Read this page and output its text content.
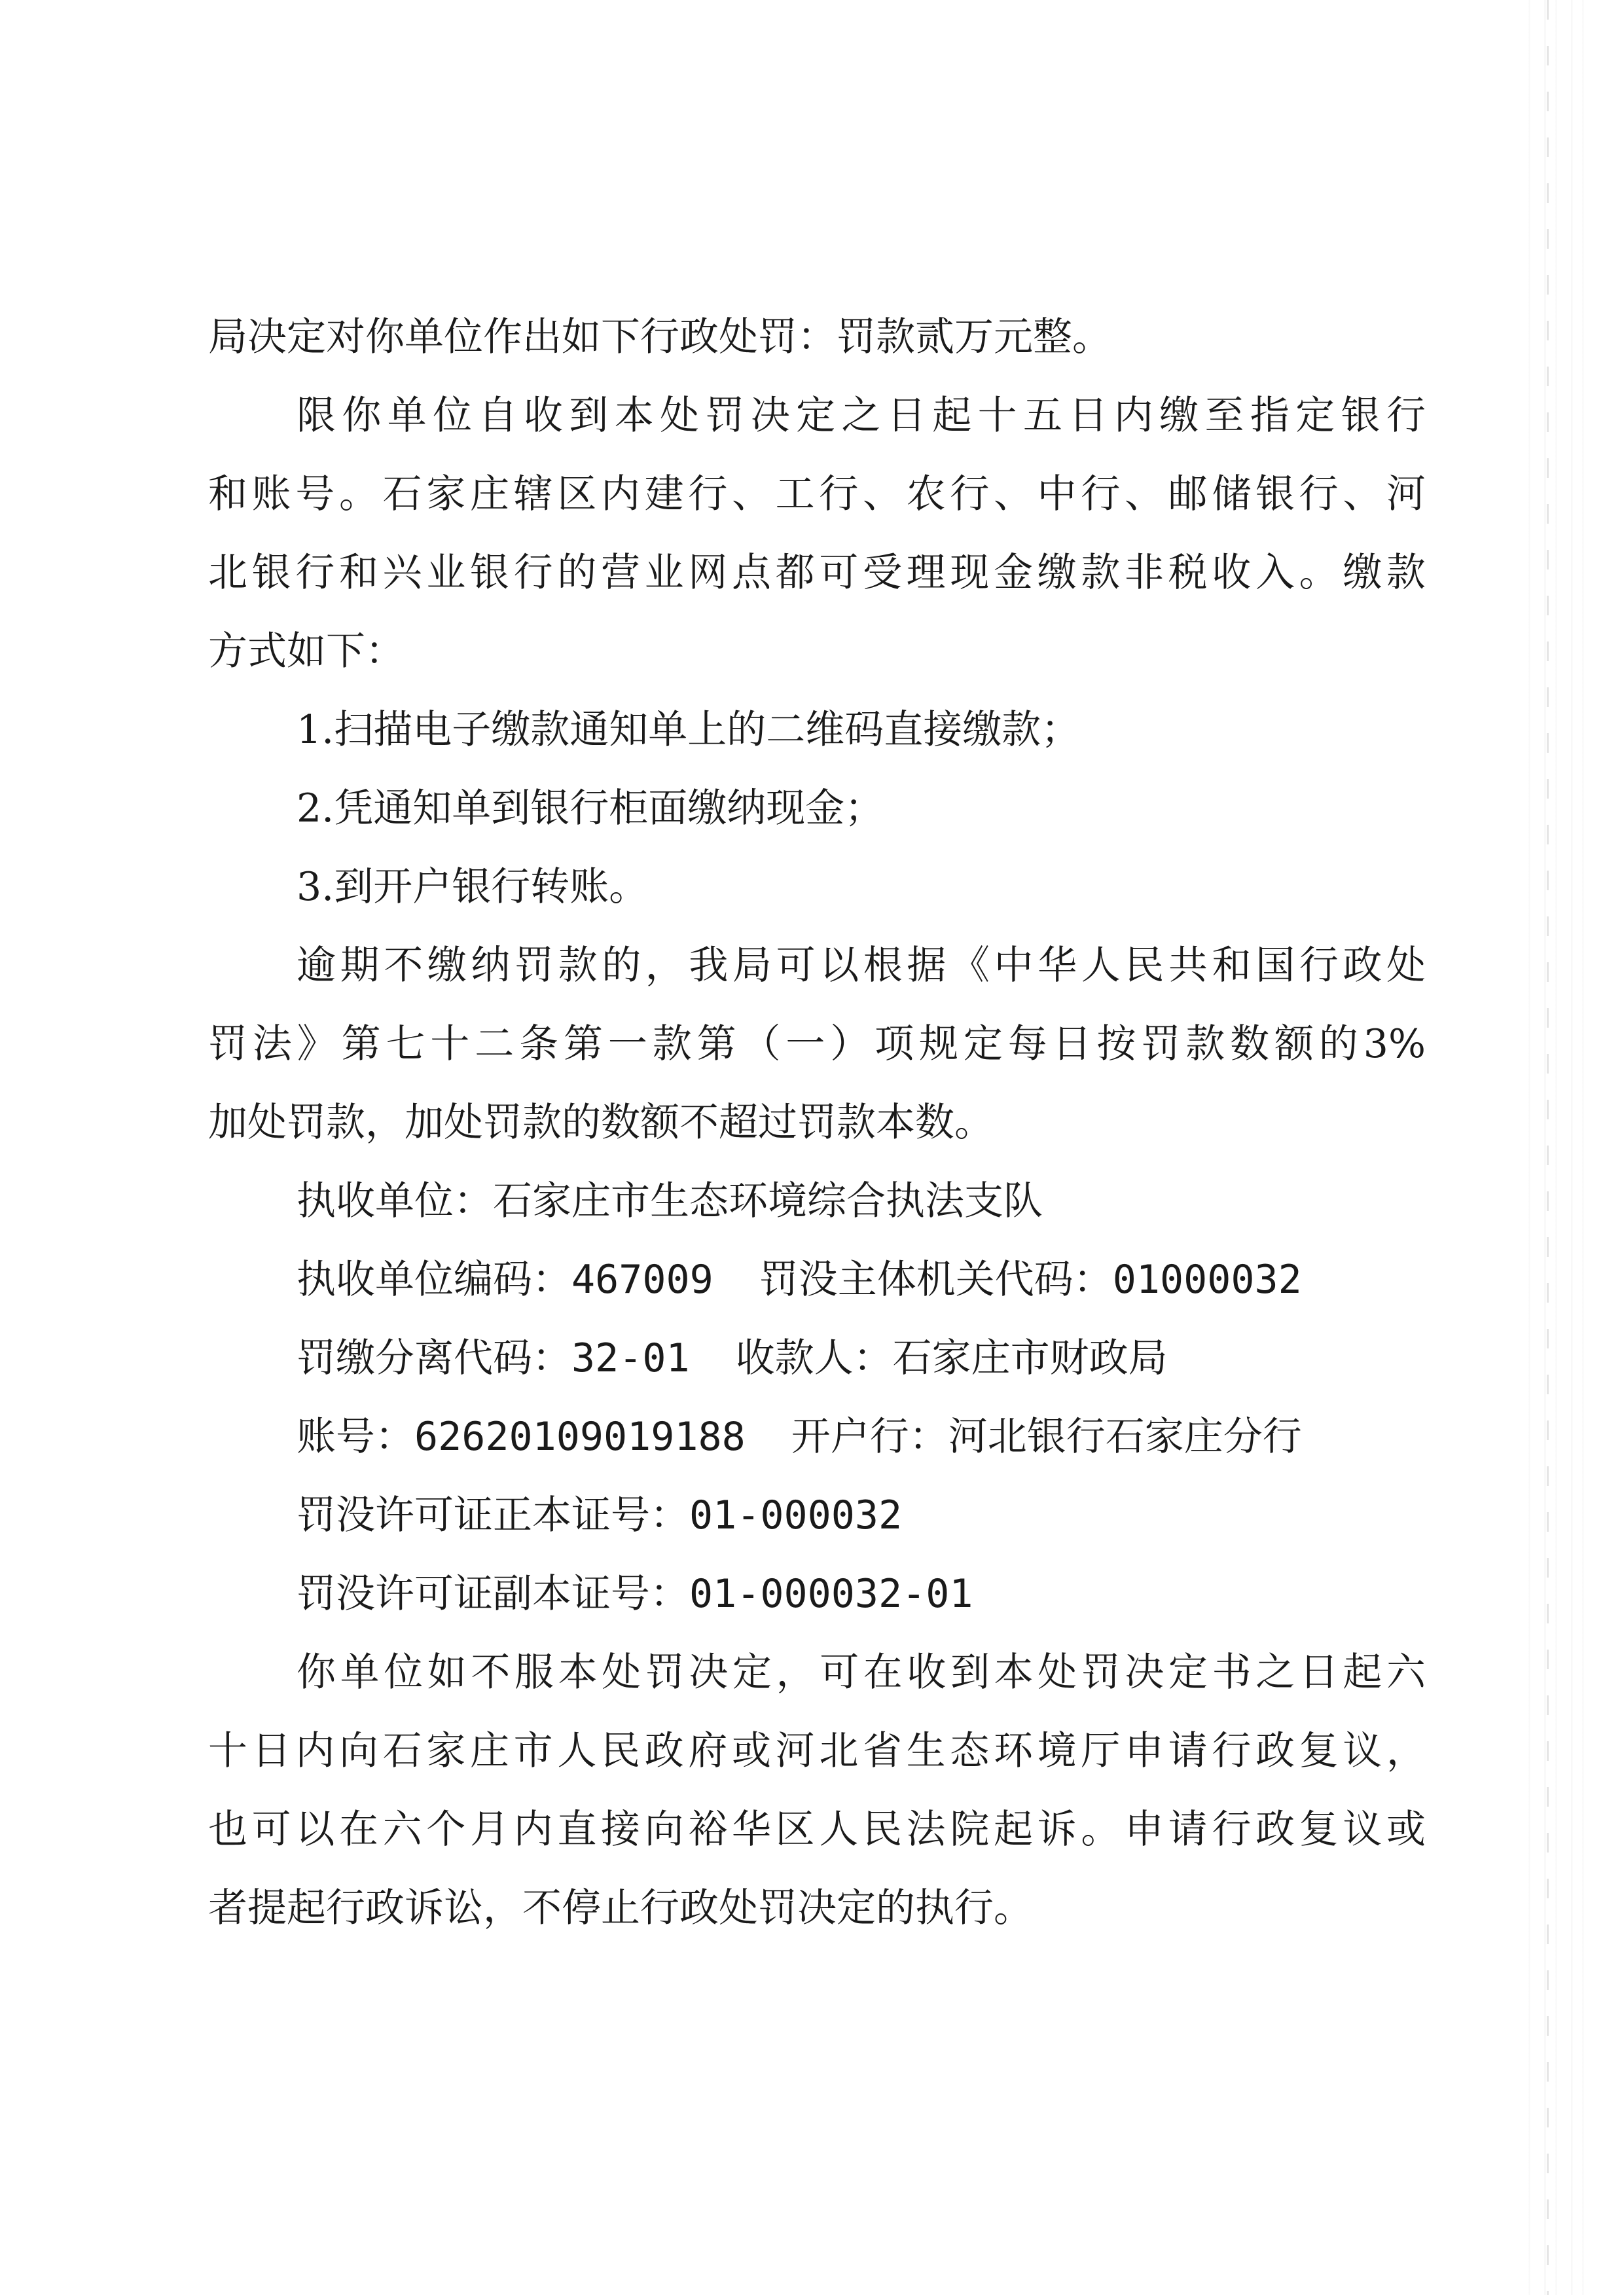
局决定对你单位作出如下行政处罚：罚款贰万元整。
限你单位自收到本处罚决定之日起十五日内缴至指定银行
和账号。石家庄辖区内建行、工行、农行、中行、邮储银行、河
北银行和兴业银行的营业网点都可受理现金缴款非税收入。缴款
方式如下：
1.扫描电子缴款通知单上的二维码直接缴款；
2.凭通知单到银行柜面缴纳现金；
3.到开户银行转账。
逾期不缴纳罚款的，我局可以根据《中华人民共和国行政处
罚法》第七十二条第一款第（一）项规定每日按罚款数额的3%
加处罚款，加处罚款的数额不超过罚款本数。
执收单位：石家庄市生态环境综合执法支队
执收单位编码：467009 罚没主体机关代码：01000032
罚缴分离代码：32-01 收款人：石家庄市财政局
账号：62620109019188 开户行：河北银行石家庄分行
罚没许可证正本证号：01-000032
罚没许可证副本证号：01-000032-01
你单位如不服本处罚决定，可在收到本处罚决定书之日起六
十日内向石家庄市人民政府或河北省生态环境厅申请行政复议，
也可以在六个月内直接向裕华区人民法院起诉。申请行政复议或
者提起行政诉讼，不停止行政处罚决定的执行。
